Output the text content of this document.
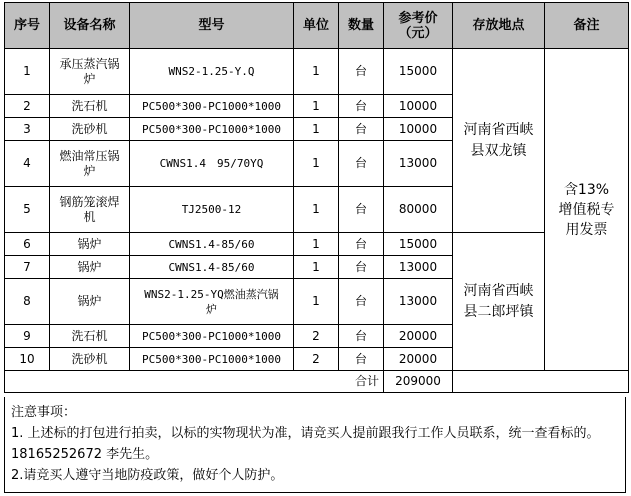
序号	设备名称	型号	单位	数量	参考价（元）	存放地点	备注
1	承压蒸汽锅炉	WNS2-1.25-Y.Q	1	台	15000	河南省西峡县双龙镇	含13%增值税专用发票
2	洗石机	PC500*300-PC1000*1000	1	台	10000		
3	洗砂机	PC500*300-PC1000*1000	1	台	10000		
4	燃油常压锅炉	CWNS1.4　95/70YQ	1	台	13000		
5	钢筋笼滚焊机	TJ2500-12	1	台	80000		
6	锅炉	CWNS1.4-85/60	1	台	15000	河南省西峡县二郎坪镇	
7	锅炉	CWNS1.4-85/60	1	台	13000		
8	锅炉	WNS2-1.25-YQ燃油蒸汽锅炉	1	台	13000		
9	洗石机	PC500*300-PC1000*1000	2	台	20000		
10	洗砂机	PC500*300-PC1000*1000	2	台	20000		
合计					209000		
注意事项：
1. 上述标的打包进行拍卖，以标的实物现状为准，请竞买人提前跟我行工作人员联系，统一查看标的。18165252672 李先生。
2.请竞买人遵守当地防疫政策，做好个人防护。
